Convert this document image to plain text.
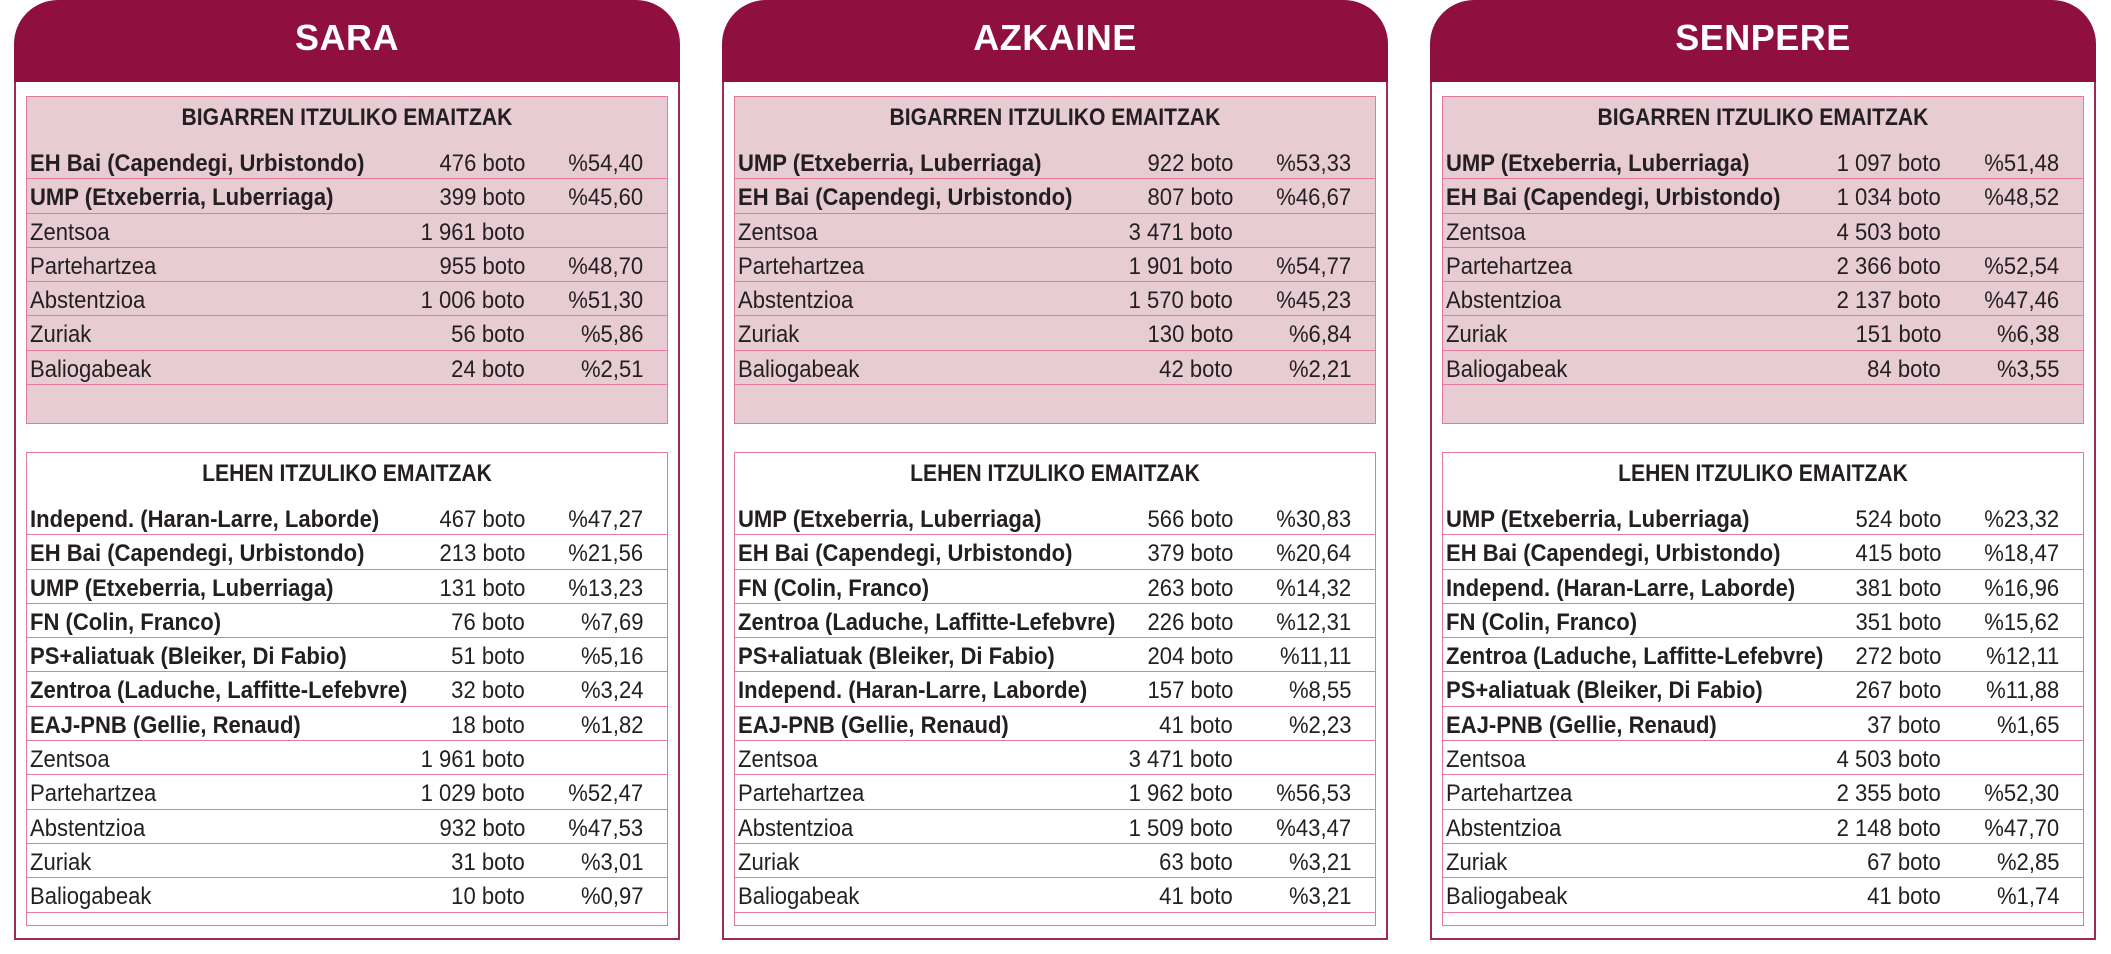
SARA
BIGARREN ITZULIKO EMAITZAK
EH Bai (Capendegi, Urbistondo)	476 boto %54,40
UMP (Etxeberria, Luberriaga)	399 boto %45,60
Zentsoa	1 961 boto
Partehartzea	955 boto %48,70
Abstentzioa	1 006 boto %51,30
Zuriak	56 boto %5,86
Baliogabeak	24 boto %2,51
LEHEN ITZULIKO EMAITZAK
Independ. (Haran-Larre, Laborde) 467 boto %47,27
EH Bai (Capendegi, Urbistondo)	213 boto %21,56
UMP (Etxeberria, Luberriaga)	131 boto %13,23
FN (Colin, Franco)	76 boto %7,69
PS+aliatuak (Bleiker, Di Fabio)	51 boto %5,16
Zentroa (Laduche, Laffitte-Lefebvre) 32 boto %3,24
EAJ-PNB (Gellie, Renaud)	18 boto %1,82
Zentsoa	1 961 boto
Partehartzea	1 029 boto %52,47
Abstentzioa	932 boto %47,53
Zuriak	31 boto %3,01
Baliogabeak	10 boto %0,97
AZKAINE
BIGARREN ITZULIKO EMAITZAK
UMP (Etxeberria, Luberriaga)	922 boto %53,33
EH Bai (Capendegi, Urbistondo)	807 boto %46,67
Zentsoa	3 471 boto
Partehartzea	1 901 boto %54,77
Abstentzioa	1 570 boto %45,23
Zuriak	130 boto %6,84
Baliogabeak	42 boto %2,21
LEHEN ITZULIKO EMAITZAK
UMP (Etxeberria, Luberriaga)	566 boto %30,83
EH Bai (Capendegi, Urbistondo)	379 boto %20,64
FN (Colin, Franco)	263 boto %14,32
Zentroa (Laduche, Laffitte-Lefebvre) 226 boto %12,31
PS+aliatuak (Bleiker, Di Fabio)	204 boto %11,11
Independ. (Haran-Larre, Laborde) 157 boto %8,55
EAJ-PNB (Gellie, Renaud)	41 boto %2,23
Zentsoa	3 471 boto
Partehartzea	1 962 boto %56,53
Abstentzioa	1 509 boto %43,47
Zuriak	63 boto %3,21
Baliogabeak	41 boto %3,21
SENPERE
BIGARREN ITZULIKO EMAITZAK
UMP (Etxeberria, Luberriaga)	1 097 boto %51,48
EH Bai (Capendegi, Urbistondo) 1 034 boto %48,52
Zentsoa	4 503 boto
Partehartzea	2 366 boto %52,54
Abstentzioa	2 137 boto %47,46
Zuriak	151 boto %6,38
Baliogabeak	84 boto %3,55
LEHEN ITZULIKO EMAITZAK
UMP (Etxeberria, Luberriaga)	524 boto %23,32
EH Bai (Capendegi, Urbistondo)	415 boto %18,47
Independ. (Haran-Larre, Laborde) 381 boto %16,96
FN (Colin, Franco)	351 boto %15,62
Zentroa (Laduche, Laffitte-Lefebvre) 272 boto %12,11
PS+aliatuak (Bleiker, Di Fabio)	267 boto %11,88
EAJ-PNB (Gellie, Renaud)	37 boto %1,65
Zentsoa	4 503 boto
Partehartzea	2 355 boto %52,30
Abstentzioa	2 148 boto %47,70
Zuriak	67 boto %2,85
Baliogabeak	41 boto %1,74
